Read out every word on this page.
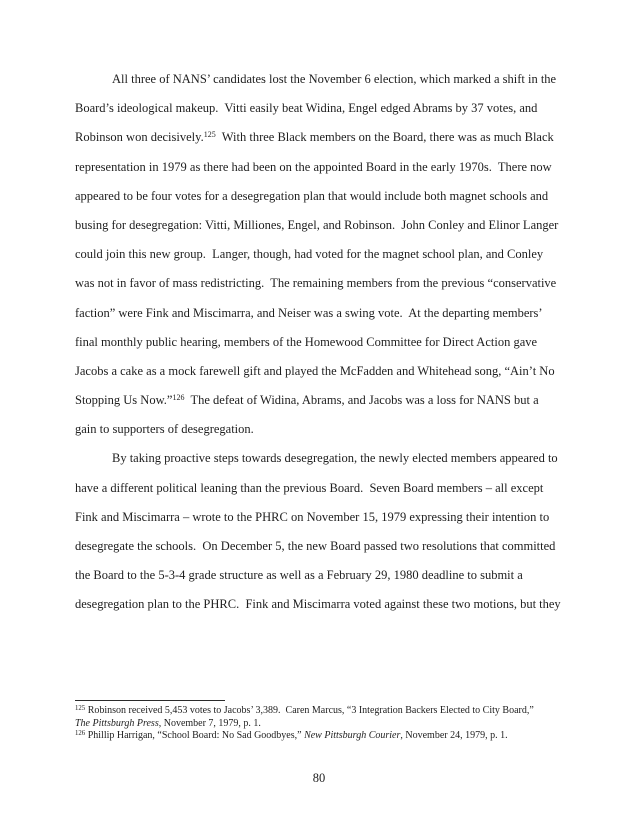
All three of NANS’ candidates lost the November 6 election, which marked a shift in the
Board’s ideological makeup.  Vitti easily beat Widina, Engel edged Abrams by 37 votes, and
Robinson won decisively.$^{125}$  With three Black members on the Board, there was as much Black
representation in 1979 as there had been on the appointed Board in the early 1970s.  There now
appeared to be four votes for a desegregation plan that would include both magnet schools and
busing for desegregation: Vitti, Milliones, Engel, and Robinson.  John Conley and Elinor Langer
could join this new group.  Langer, though, had voted for the magnet school plan, and Conley
was not in favor of mass redistricting.  The remaining members from the previous “conservative
faction” were Fink and Miscimarra, and Neiser was a swing vote.  At the departing members’
final monthly public hearing, members of the Homewood Committee for Direct Action gave
Jacobs a cake as a mock farewell gift and played the McFadden and Whitehead song, “Ain’t No
Stopping Us Now.”$^{126}$  The defeat of Widina, Abrams, and Jacobs was a loss for NANS but a
gain to supporters of desegregation.
By taking proactive steps towards desegregation, the newly elected members appeared to
have a different political leaning than the previous Board.  Seven Board members – all except
Fink and Miscimarra – wrote to the PHRC on November 15, 1979 expressing their intention to
desegregate the schools.  On December 5, the new Board passed two resolutions that committed
the Board to the 5-3-4 grade structure as well as a February 29, 1980 deadline to submit a
desegregation plan to the PHRC.  Fink and Miscimarra voted against these two motions, but they
$^{125}$ Robinson received 5,453 votes to Jacobs’ 3,389.  Caren Marcus, “3 Integration Backers Elected to City Board,”
The Pittsburgh Press, November 7, 1979, p. 1.
$^{126}$ Phillip Harrigan, “School Board: No Sad Goodbyes,” New Pittsburgh Courier, November 24, 1979, p. 1.
80
